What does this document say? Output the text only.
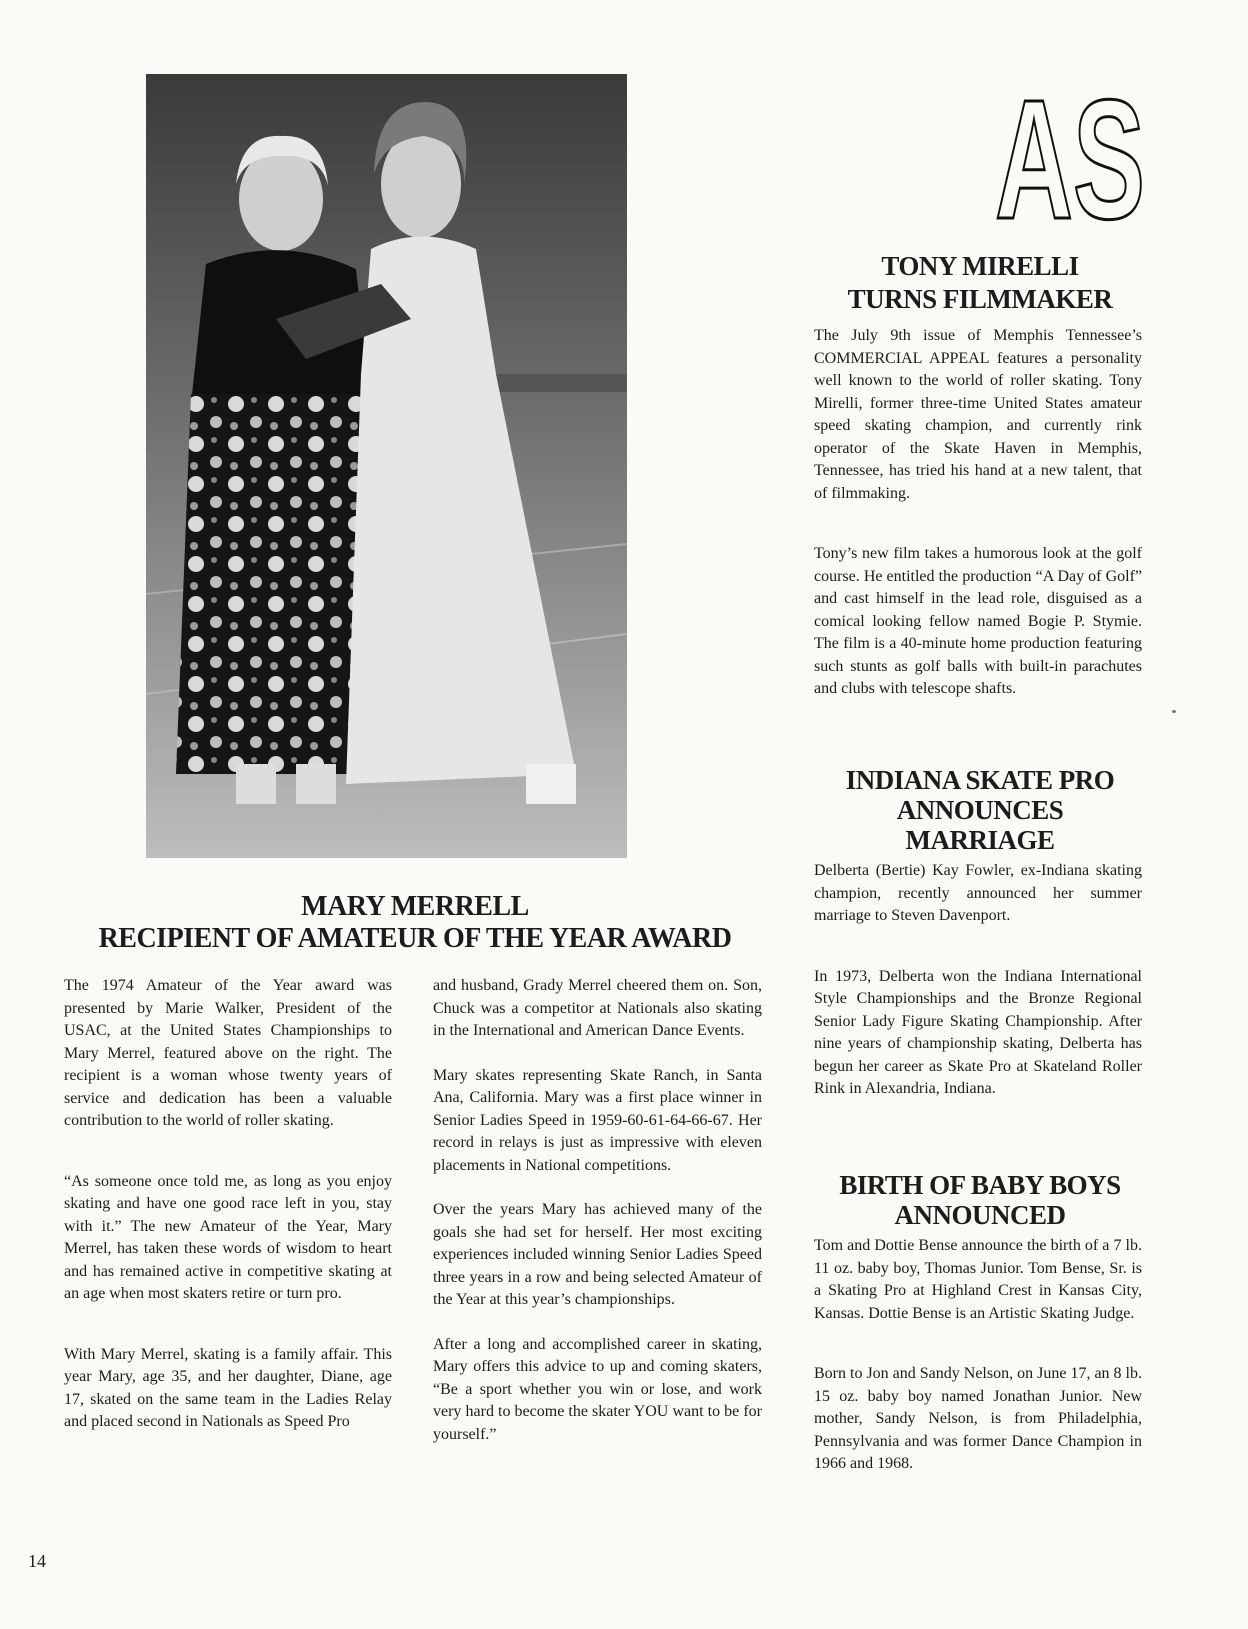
AS
TONY MIRELLI
TURNS FILMMAKER

The July 9th issue of Memphis Tennessee’s COMMERCIAL APPEAL features a personality well known to the world of roller skating. Tony Mirelli, former three-time United States amateur speed skating champion, and currently rink operator of the Skate Haven in Memphis, Tennessee, has tried his hand at a new talent, that of filmmaking.

Tony’s new film takes a humorous look at the golf course. He entitled the production “A Day of Golf” and cast himself in the lead role, disguised as a comical looking fellow named Bogie P. Stymie. The film is a 40-minute home production featuring such stunts as golf balls with built-in parachutes and clubs with telescope shafts.

INDIANA SKATE PRO
ANNOUNCES
MARRIAGE

Delberta (Bertie) Kay Fowler, ex-Indiana skating champion, recently announced her summer marriage to Steven Davenport.

In 1973, Delberta won the Indiana International Style Championships and the Bronze Regional Senior Lady Figure Skating Championship. After nine years of championship skating, Delberta has begun her career as Skate Pro at Skateland Roller Rink in Alexandria, Indiana.

BIRTH OF BABY BOYS
ANNOUNCED

Tom and Dottie Bense announce the birth of a 7 lb. 11 oz. baby boy, Thomas Junior. Tom Bense, Sr. is a Skating Pro at Highland Crest in Kansas City, Kansas. Dottie Bense is an Artistic Skating Judge.

Born to Jon and Sandy Nelson, on June 17, an 8 lb. 15 oz. baby boy named Jonathan Junior. New mother, Sandy Nelson, is from Philadelphia, Pennsylvania and was former Dance Champion in 1966 and 1968.

MARY MERRELL
RECIPIENT OF AMATEUR OF THE YEAR AWARD

The 1974 Amateur of the Year award was presented by Marie Walker, President of the USAC, at the United States Championships to Mary Merrel, featured above on the right. The recipient is a woman whose twenty years of service and dedication has been a valuable contribution to the world of roller skating.

“As someone once told me, as long as you enjoy skating and have one good race left in you, stay with it.” The new Amateur of the Year, Mary Merrel, has taken these words of wisdom to heart and has remained active in competitive skating at an age when most skaters retire or turn pro.

With Mary Merrel, skating is a family affair. This year Mary, age 35, and her daughter, Diane, age 17, skated on the same team in the Ladies Relay and placed second in Nationals as Speed Pro

and husband, Grady Merrel cheered them on. Son, Chuck was a competitor at Nationals also skating in the International and American Dance Events.

Mary skates representing Skate Ranch, in Santa Ana, California. Mary was a first place winner in Senior Ladies Speed in 1959-60-61-64-66-67. Her record in relays is just as impressive with eleven placements in National competitions.

Over the years Mary has achieved many of the goals she had set for herself. Her most exciting experiences included winning Senior Ladies Speed three years in a row and being selected Amateur of the Year at this year’s championships.

After a long and accomplished career in skating, Mary offers this advice to up and coming skaters, “Be a sport whether you win or lose, and work very hard to become the skater YOU want to be for yourself.”

14
